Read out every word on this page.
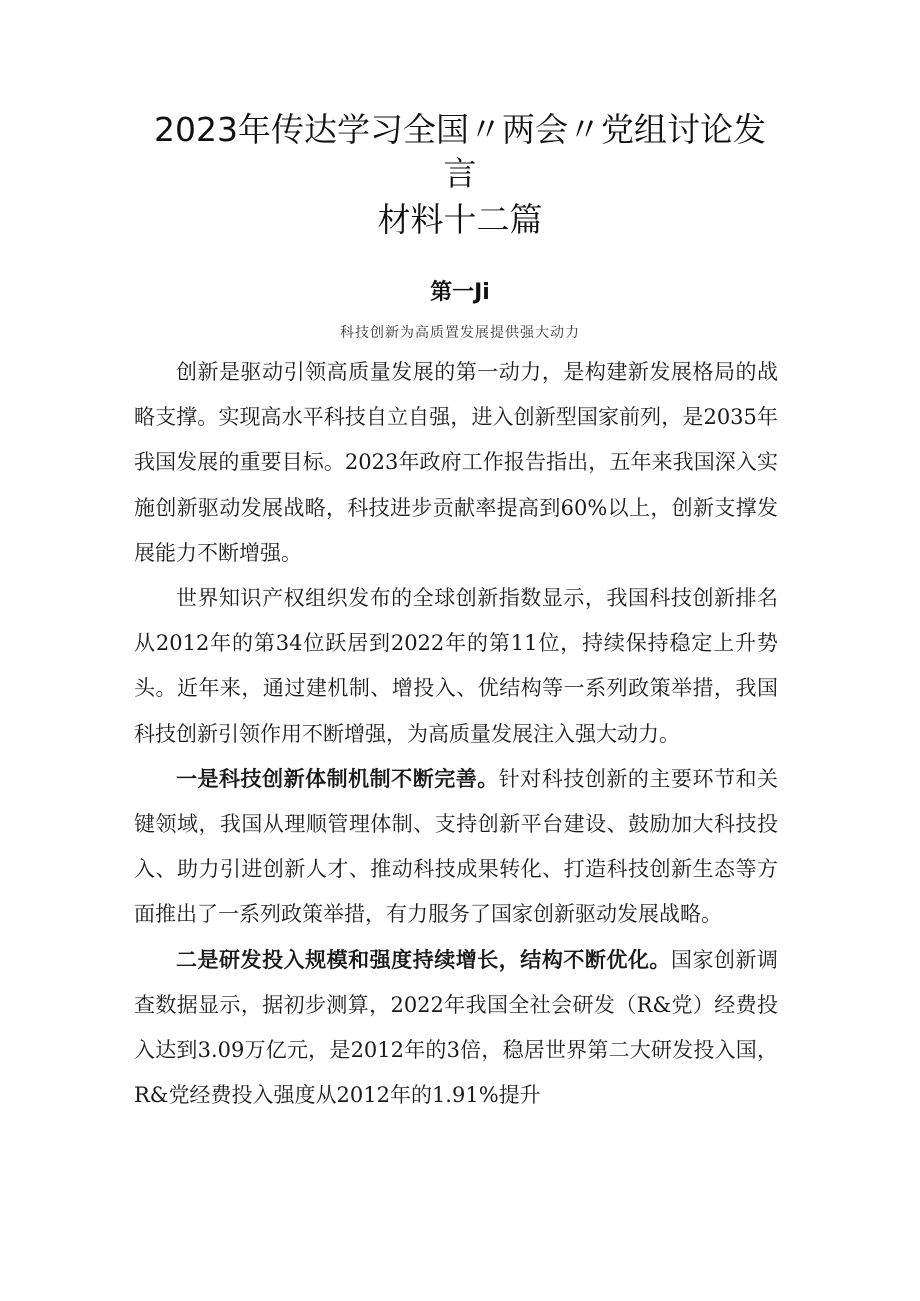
2023年传达学习全国〃两会〃党组讨论发
言
材料十二篇
第一Ji
科技创新为高质置发展提供强大动力

创新是驱动引领高质量发展的第一动力，是构建新发展格局的战略支撑。实现高水平科技自立自强，进入创新型国家前列，是2035年我国发展的重要目标。2023年政府工作报告指出，五年来我国深入实施创新驱动发展战略，科技进步贡献率提高到60%以上，创新支撑发展能力不断增强。

世界知识产权组织发布的全球创新指数显示，我国科技创新排名从2012年的第34位跃居到2022年的第11位，持续保持稳定上升势头。近年来，通过建机制、增投入、优结构等一系列政策举措，我国科技创新引领作用不断增强，为高质量发展注入强大动力。

一是科技创新体制机制不断完善。针对科技创新的主要环节和关键领域，我国从理顺管理体制、支持创新平台建设、鼓励加大科技投入、助力引进创新人才、推动科技成果转化、打造科技创新生态等方面推出了一系列政策举措，有力服务了国家创新驱动发展战略。

二是研发投入规模和强度持续增长，结构不断优化。国家创新调查数据显示，据初步测算，2022年我国全社会研发（R&党）经费投入达到3.09万亿元，是2012年的3倍，稳居世界第二大研发投入国，R&党经费投入强度从2012年的1.91%提升
